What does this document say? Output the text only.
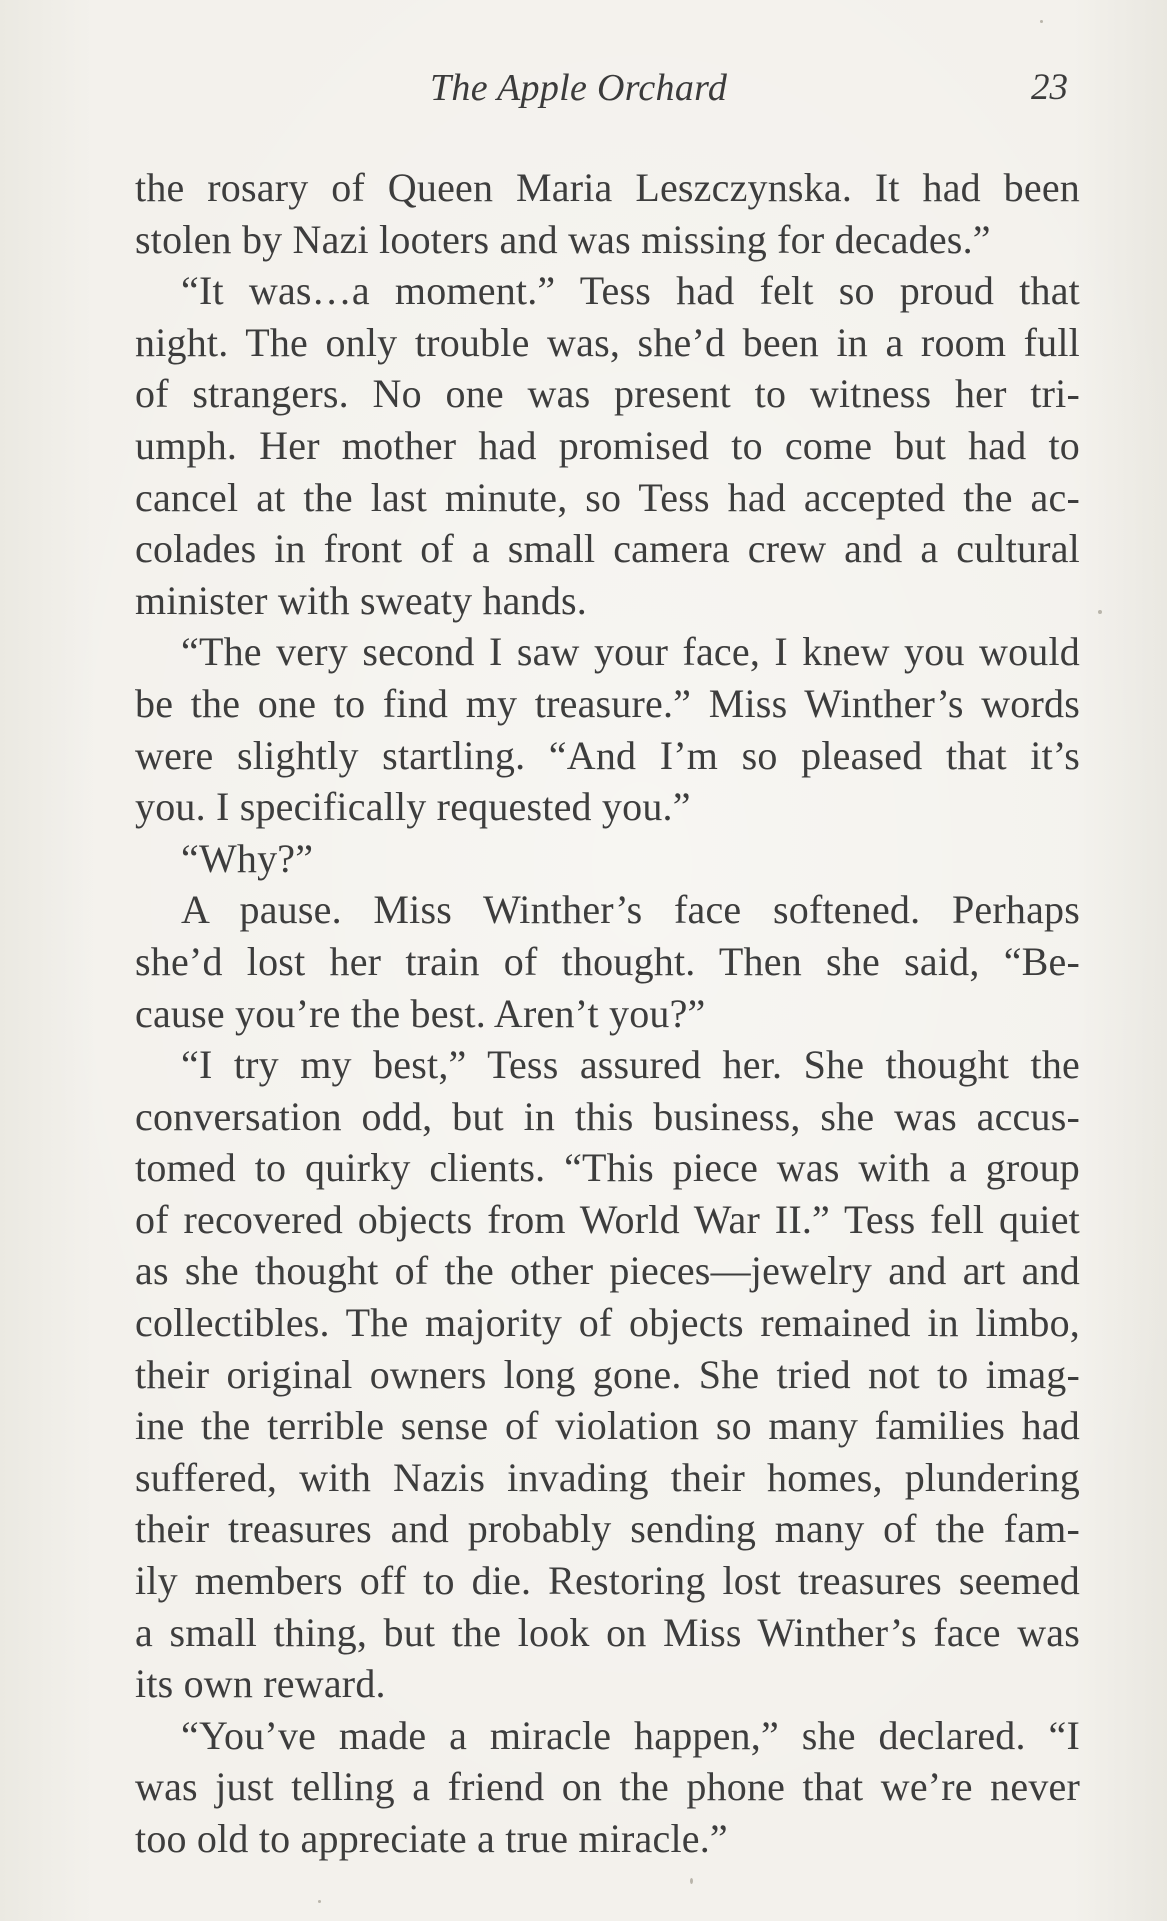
The Apple Orchard	23
the rosary of Queen Maria Leszczynska. It had been
stolen by Nazi looters and was missing for decades.”
“It was…a moment.” Tess had felt so proud that
night. The only trouble was, she’d been in a room full
of strangers. No one was present to witness her tri-
umph. Her mother had promised to come but had to
cancel at the last minute, so Tess had accepted the ac-
colades in front of a small camera crew and a cultural
minister with sweaty hands.
“The very second I saw your face, I knew you would
be the one to find my treasure.” Miss Winther’s words
were slightly startling. “And I’m so pleased that it’s
you. I specifically requested you.”
“Why?”
A pause. Miss Winther’s face softened. Perhaps
she’d lost her train of thought. Then she said, “Be-
cause you’re the best. Aren’t you?”
“I try my best,” Tess assured her. She thought the
conversation odd, but in this business, she was accus-
tomed to quirky clients. “This piece was with a group
of recovered objects from World War II.” Tess fell quiet
as she thought of the other pieces—jewelry and art and
collectibles. The majority of objects remained in limbo,
their original owners long gone. She tried not to imag-
ine the terrible sense of violation so many families had
suffered, with Nazis invading their homes, plundering
their treasures and probably sending many of the fam-
ily members off to die. Restoring lost treasures seemed
a small thing, but the look on Miss Winther’s face was
its own reward.
“You’ve made a miracle happen,” she declared. “I
was just telling a friend on the phone that we’re never
too old to appreciate a true miracle.”
